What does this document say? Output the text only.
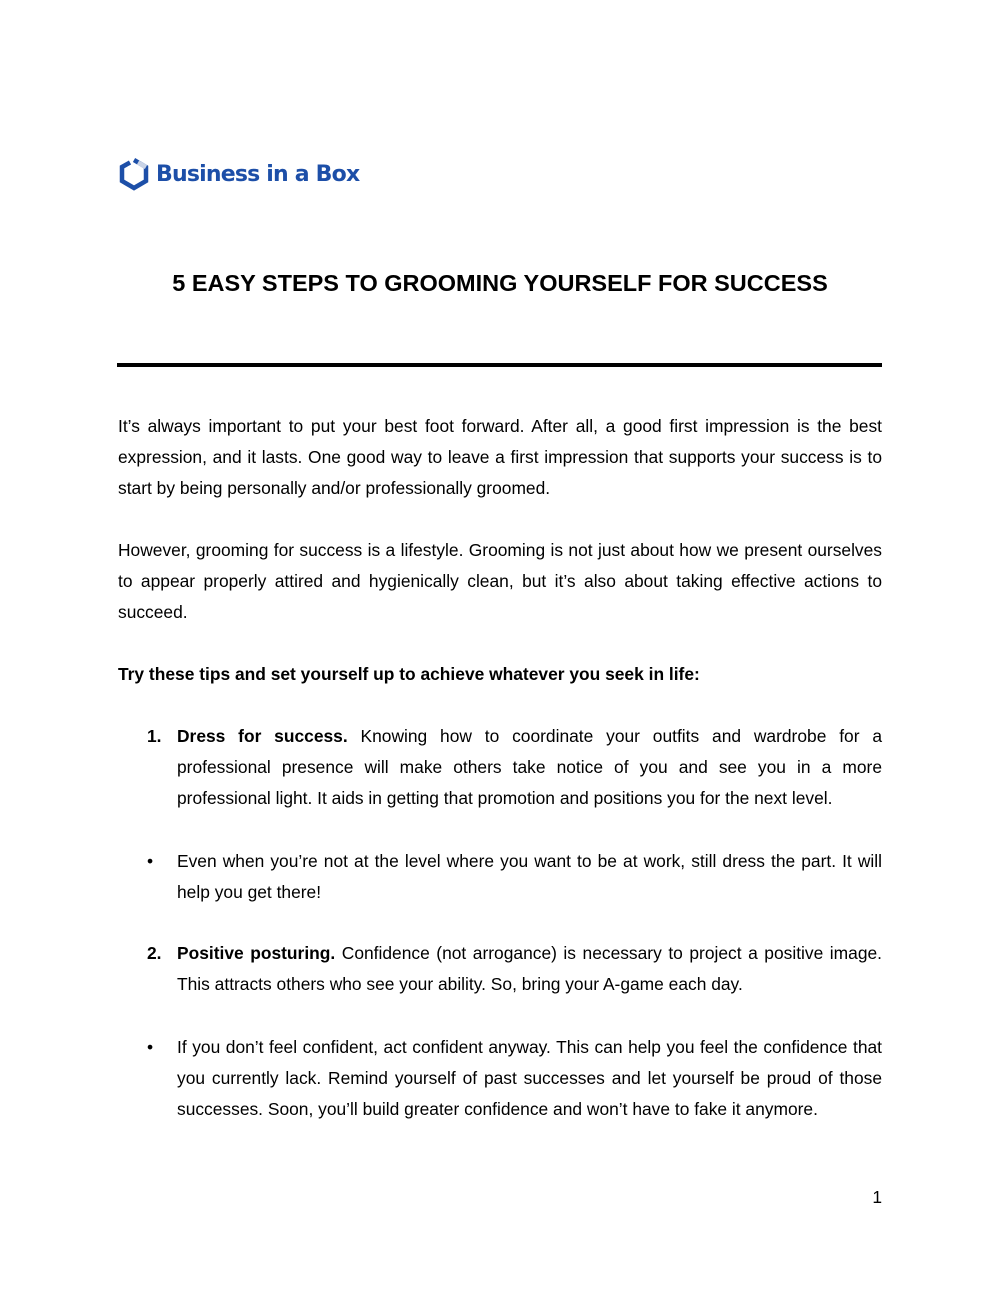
Business in a Box
5 EASY STEPS TO GROOMING YOURSELF FOR SUCCESS
It’s always important to put your best foot forward. After all, a good first impression is the best expression, and it lasts. One good way to leave a first impression that supports your success is to start by being personally and/or professionally groomed.
However, grooming for success is a lifestyle. Grooming is not just about how we present ourselves to appear properly attired and hygienically clean, but it’s also about taking effective actions to succeed.
Try these tips and set yourself up to achieve whatever you seek in life:
1. Dress for success. Knowing how to coordinate your outfits and wardrobe for a professional presence will make others take notice of you and see you in a more professional light. It aids in getting that promotion and positions you for the next level.
•	Even when you’re not at the level where you want to be at work, still dress the part. It will help you get there!
2. Positive posturing. Confidence (not arrogance) is necessary to project a positive image. This attracts others who see your ability. So, bring your A-game each day.
•	If you don’t feel confident, act confident anyway. This can help you feel the confidence that you currently lack. Remind yourself of past successes and let yourself be proud of those successes. Soon, you’ll build greater confidence and won’t have to fake it anymore.
1
